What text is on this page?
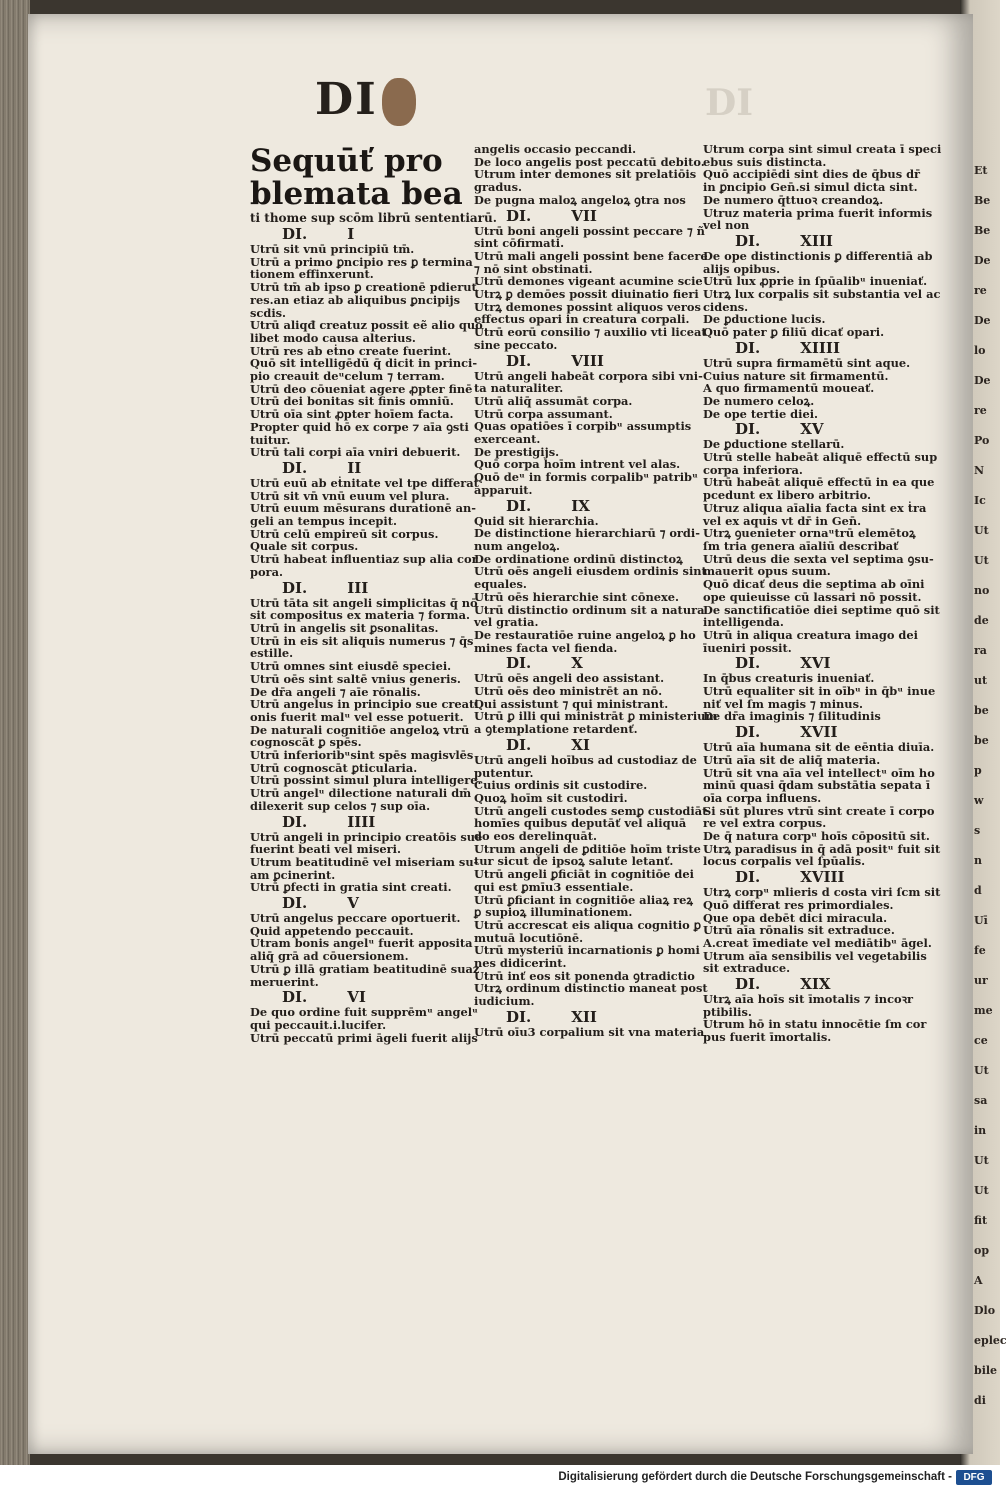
Et
Be
Be
De
re
De
lo
De
re
Po
N
Ic
Ut
Ut
no
de
ra
ut
be
be
p
w
s
n
d
Uī
fe
ur
me
ce
Ut
sa
in
Ut
Ut
fit
op
A
Dlo
eplec
bile
di
DI
	DI
Sequūť pro
blemata bea
ti thome sup scōm librū sententiarū.
DI.	I
Utrū sit vnū principiū tm̄.
Utrū a primo ꝑncipio res ꝑ termina
tionem effinxerunt.
Utrū tm̄ ab ipso ꝑ creationē pdieruť
res.an etiaz ab aliquibus ꝑncipijs
scdis.
Utrū aliqđ creatuz possit eẽ alio quo
libet modo causa alterius.
Utrū res ab eṫno create fuerint.
Quō sit intelligēdū q̄ dicit in princi-
pio creauit deᵘcelum ⁊ terram.
Utrū deo cōueniat agere ꝓpter finē
Utrū dei bonitas sit finis omniū.
Utrū oīa sint ꝓpter hoīem facta.
Propter quid hō ex corpe ⁊ aīa ꝯsti
tuitur.
Utrū tali corpi aīa vniri debuerit.
DI.	II
Utrū euū ab eṫnitate vel tpe differat
Utrū sit vn̄ vnū euum vel plura.
Utrū euum mēsurans durationē an-
geli an tempus incepit.
Utrū celū empireū sit corpus.
Quale sit corpus.
Utrū habeat influentiaz sup alia cor
pora.
DI.	III
Utrū tāta sit angeli simplicitas q̄ nō
sit compositus ex materia ⁊ forma.
Utrū in angelis sit ꝑsonalitas.
Utrū in eis sit aliquis numerus ⁊ q̄s
estille.
Utrū omnes sint eiusdē speciei.
Utrū oēs sint saltē vnius generis.
De dr̄a angeli ⁊ aīe rōnalis.
Utrū angelus in principio sue creati
onis fuerit malᵘ vel esse potuerit.
De naturali cognitiōe angeloꝝ vtrū
cognoscāt ꝑ spēs.
Utrū inferioribᵘsint spēs magisvlēs
Utrū cognoscāt ꝑticularia.
Utrū possint simul plura intelligere.
Utrū angelᵘ dilectione naturali dm̄
dilexerit sup celos ⁊ sup oīa.
DI.	IIII
Utrū angeli in principio creatōis sue
fuerint beati vel miseri.
Utrum beatitudinē vel miseriam su-
am ꝑcinerint.
Utrū ꝑfecti in gratia sint creati.
DI.	V
Utrū angelus peccare oportuerit.
Quid appetendo peccauit.
Utram bonis angelᵘ fuerit apposita
aliq̄ grā ad cōuersionem.
Utrū ꝑ illā gratiam beatitudinē suaz
meruerint.
DI.	VI
De quo ordine fuit supprēmᵘ angelᵘ
qui peccauit.i.lucifer.
Utrū peccatū primi āgeli fuerit alijs
angelis occasio peccandi.
De loco angelis post peccatū debito.
Utrum inter demones sit prelatiōis
gradus.
De pugna maloꝝ angeloꝝ ꝯtra nos
DI.	VII
Utrū boni angeli possint peccare ⁊ ñ
sint cōfirmati.
Utrū mali angeli possint bene facere
⁊ nō sint obstinati.
Utrū demones vigeant acumine scie
Utrꝝ ꝑ demōes possit diuinatio fieri
Utrꝝ demones possint aliquos veros
effectus opari in creatura corpali.
Utrū eorū consilio ⁊ auxilio vti liceat
sine peccato.
DI.	VIII
Utrū angeli habeāt corpora sibi vni-
ta naturaliter.
Utrū aliq̄ assumāt corpa.
Utrū corpa assumant.
Quas opatiōes ī corpibᵘ assumptis
exerceant.
De prestigijs.
Quō corpa hoīm intrent vel alas.
Quō deᵘ in formis corpalibᵘ patribᵘ
apparuit.
DI.	IX
Quid sit hierarchia.
De distinctione hierarchiarū ⁊ ordi-
num angeloꝝ.
De ordinatione ordinū distinctoꝝ
Utrū oēs angeli eiusdem ordinis sint
equales.
Utrū oēs hierarchie sint cōnexe.
Utrū distinctio ordinum sit a natura
vel gratia.
De restauratiōe ruine angeloꝝ ꝑ ho
mines facta vel fienda.
DI.	X
Utrū oēs angeli deo assistant.
Utrū oēs deo ministrēt an nō.
Qui assistunt ⁊ qui ministrant.
Utrū ꝑ illi qui ministrāt ꝑ ministerium
a ꝯtemplatione retardenť.
DI.	XI
Utrū angeli hoībus ad custodiaz de
putentur.
Cuius ordinis sit custodire.
Quoꝝ hoīm sit custodiri.
Utrū angeli custodes semꝑ custodiāt
homīes quibus deputāť vel aliquā
do eos derelinquāt.
Utrum angeli de ꝑditiōe hoīm triste
tur sicut de ipsoꝝ salute letanť.
Utrū angeli ꝑficiāt in cognitiōe dei
qui est ꝑmīu3 essentiale.
Utrū ꝑficiant in cognitiōe aliaꝝ reꝝ
ꝑ supioꝝ illuminationem.
Utrū accrescat eis aliqua cognitio ꝑ
mutuā locutiōnē.
Utrū mysteriū incarnationis ꝑ homi
nes didicerint.
Utrū inť eos sit ponenda ꝯtradictio
Utrꝝ ordinum distinctio maneat post
iudicium.
DI.	XII
Utrū oīu3 corpalium sit vna materia
Utrum corpa sint simul creata ī speci
ebus suis distincta.
Quō accipiēdi sint dies de q̄bus dr̄
in ꝑncipio Gen̄.si simul dicta sint.
De numero q̄ttuoꝛ creandoꝝ.
Utruz materia prima fuerit informis
vel non
DI.	XIII
De ope distinctionis ꝑ differentiā ab
alijs opibus.
Utrū lux ꝓprie in ſpūalibᵘ inueniať.
Utrꝝ lux corpalis sit substantia vel ac
cidens.
De ꝑductione lucis.
Quō pater ꝑ filiū dicať opari.
DI.	XIIII
Utrū supra firmamētū sint aque.
Cuius nature sit firmamentū.
A quo firmamentū moueať.
De numero celoꝝ.
De ope tertie diei.
DI.	XV
De ꝑductione stellarū.
Utrū stelle habeāt aliquē effectū sup
corpa inferiora.
Utrū habeāt aliquē effectū in ea que
pcedunt ex libero arbitrio.
Utruz aliqua aīalia facta sint ex ṫra
vel ex aquis vt dr̄ in Gen̄.
Utrꝝ ꝯuenieter ornaᵘtrū elemētoꝝ
ſm tria genera aīaliū describať
Utrū deus die sexta vel septima ꝯsu-
mauerit opus suum.
Quō dicať deus die septima ab oīni
ope quieuisse cū lassari nō possit.
De sanctificatiōe diei septime quō sit
intelligenda.
Utrū in aliqua creatura imago dei
īueniri possit.
DI.	XVI
In q̄bus creaturis inueniať.
Utrū equaliter sit in oībᵘ in q̄bᵘ inue
niť vel ſm magis ⁊ minus.
De dr̄a imaginis ⁊ ſilitudinis
DI.	XVII
Utrū aīa humana sit de eēntia diuīa.
Utrū aīa sit de aliq̄ materia.
Utrū sit vna aīa vel intellectᵘ oīm ho
minū quasi q̄dam substātia sepata ī
oīa corpa influens.
Si sūt plures vtrū sint create ī corpo
re vel extra corpus.
De q̄ natura corpᵘ hoīs cōpositū sit.
Utrꝝ paradisus in q̄ adā positᵘ fuit sit
locus corpalis vel ſpūalis.
DI.	XVIII
Utrꝝ corpᵘ mlieris d costa viri ſcm sit
Quō differat res primordiales.
Que opa debēt dici miracula.
Utrū aīa rōnalis sit extraduce.
A.creat īmediate vel mediātibᵘ āgel.
Utrum aīa sensibilis vel vegetabilis
sit extraduce.
DI.	XIX
Utrꝝ aīa hoīs sit īmotalis ⁊ incoꝛr
ptibilis.
Utrum hō in statu innocētie ſm cor
pus fuerit īmortalis.
Digitalisierung gefördert durch die Deutsche Forschungsgemeinschaft -	DFG
